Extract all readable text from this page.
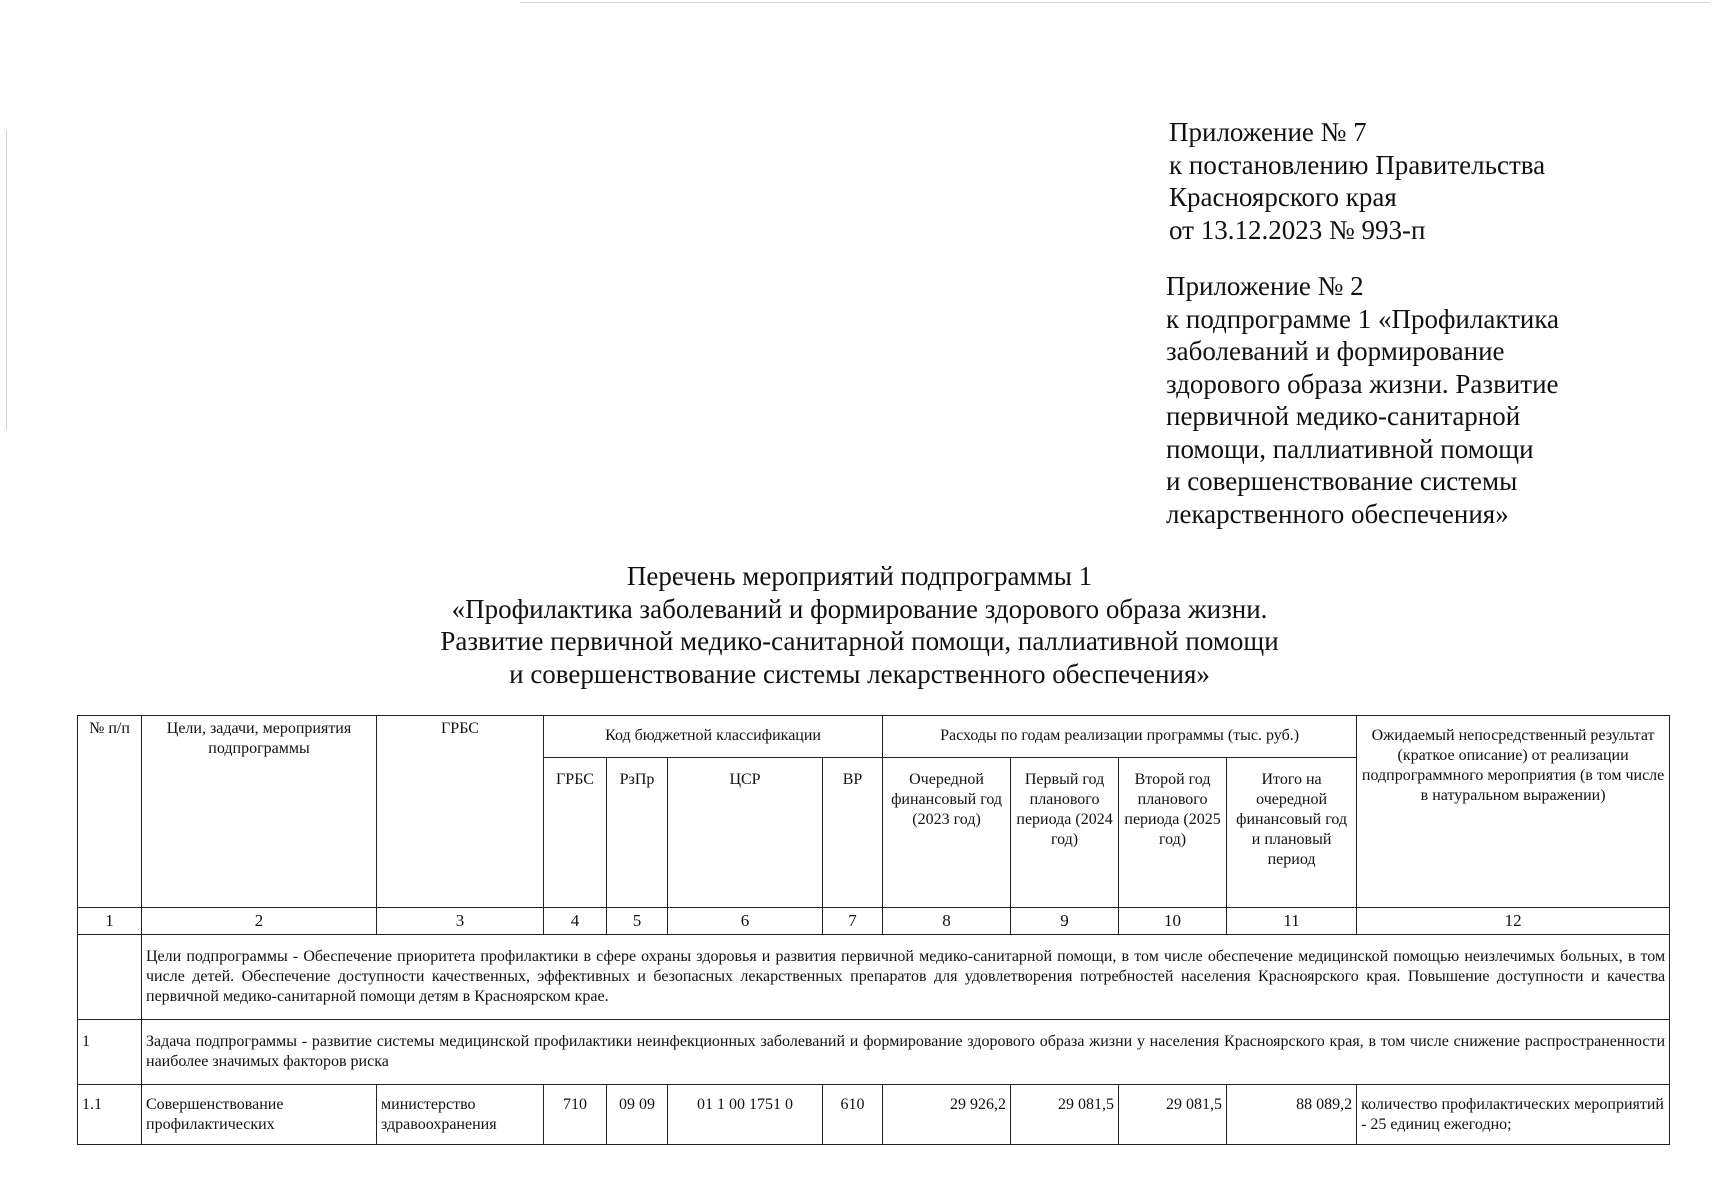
Приложение № 7
к постановлению Правительства
Красноярского края
от 13.12.2023 № 993-п
Приложение № 2
к подпрограмме 1 «Профилактика
заболеваний и формирование
здорового образа жизни. Развитие
первичной медико-санитарной
помощи, паллиативной помощи
и совершенствование системы
лекарственного обеспечения»
Перечень мероприятий подпрограммы 1
«Профилактика заболеваний и формирование здорового образа жизни.
Развитие первичной медико-санитарной помощи, паллиативной помощи
и совершенствование системы лекарственного обеспечения»
№ п/п	Цели, задачи, мероприятия подпрограммы	ГРБС	Код бюджетной классификации				Расходы по годам реализации программы (тыс. руб.)				Ожидаемый непосредственный результат (краткое описание) от реализации подпрограммного мероприятия (в том числе в натуральном выражении)
			ГРБС	РзПр	ЦСР	ВР	Очередной финансовый год (2023 год)	Первый год планового периода (2024 год)	Второй год планового периода (2025 год)	Итого на очередной финансовый год и плановый период	
1	2	3	4	5	6	7	8	9	10	11	12
	Цели подпрограммы - Обеспечение приоритета профилактики в сфере охраны здоровья и развития первичной медико-санитарной помощи, в том числе обеспечение медицинской помощью неизлечимых больных, в том числе детей. Обеспечение доступности качественных, эффективных и безопасных лекарственных препаратов для удовлетворения потребностей населения Красноярского края. Повышение доступности и качества первичной медико-санитарной помощи детям в Красноярском крае.										
1	Задача подпрограммы - развитие системы медицинской профилактики неинфекционных заболеваний и формирование здорового образа жизни у населения Красноярского края, в том числе снижение распространенности наиболее значимых факторов риска										
1.1	Совершенствование профилактических	министерство здравоохранения	710	09 09	01 1 00 1751 0	610	29 926,2	29 081,5	29 081,5	88 089,2	количество профилактических мероприятий - 25 единиц ежегодно;
